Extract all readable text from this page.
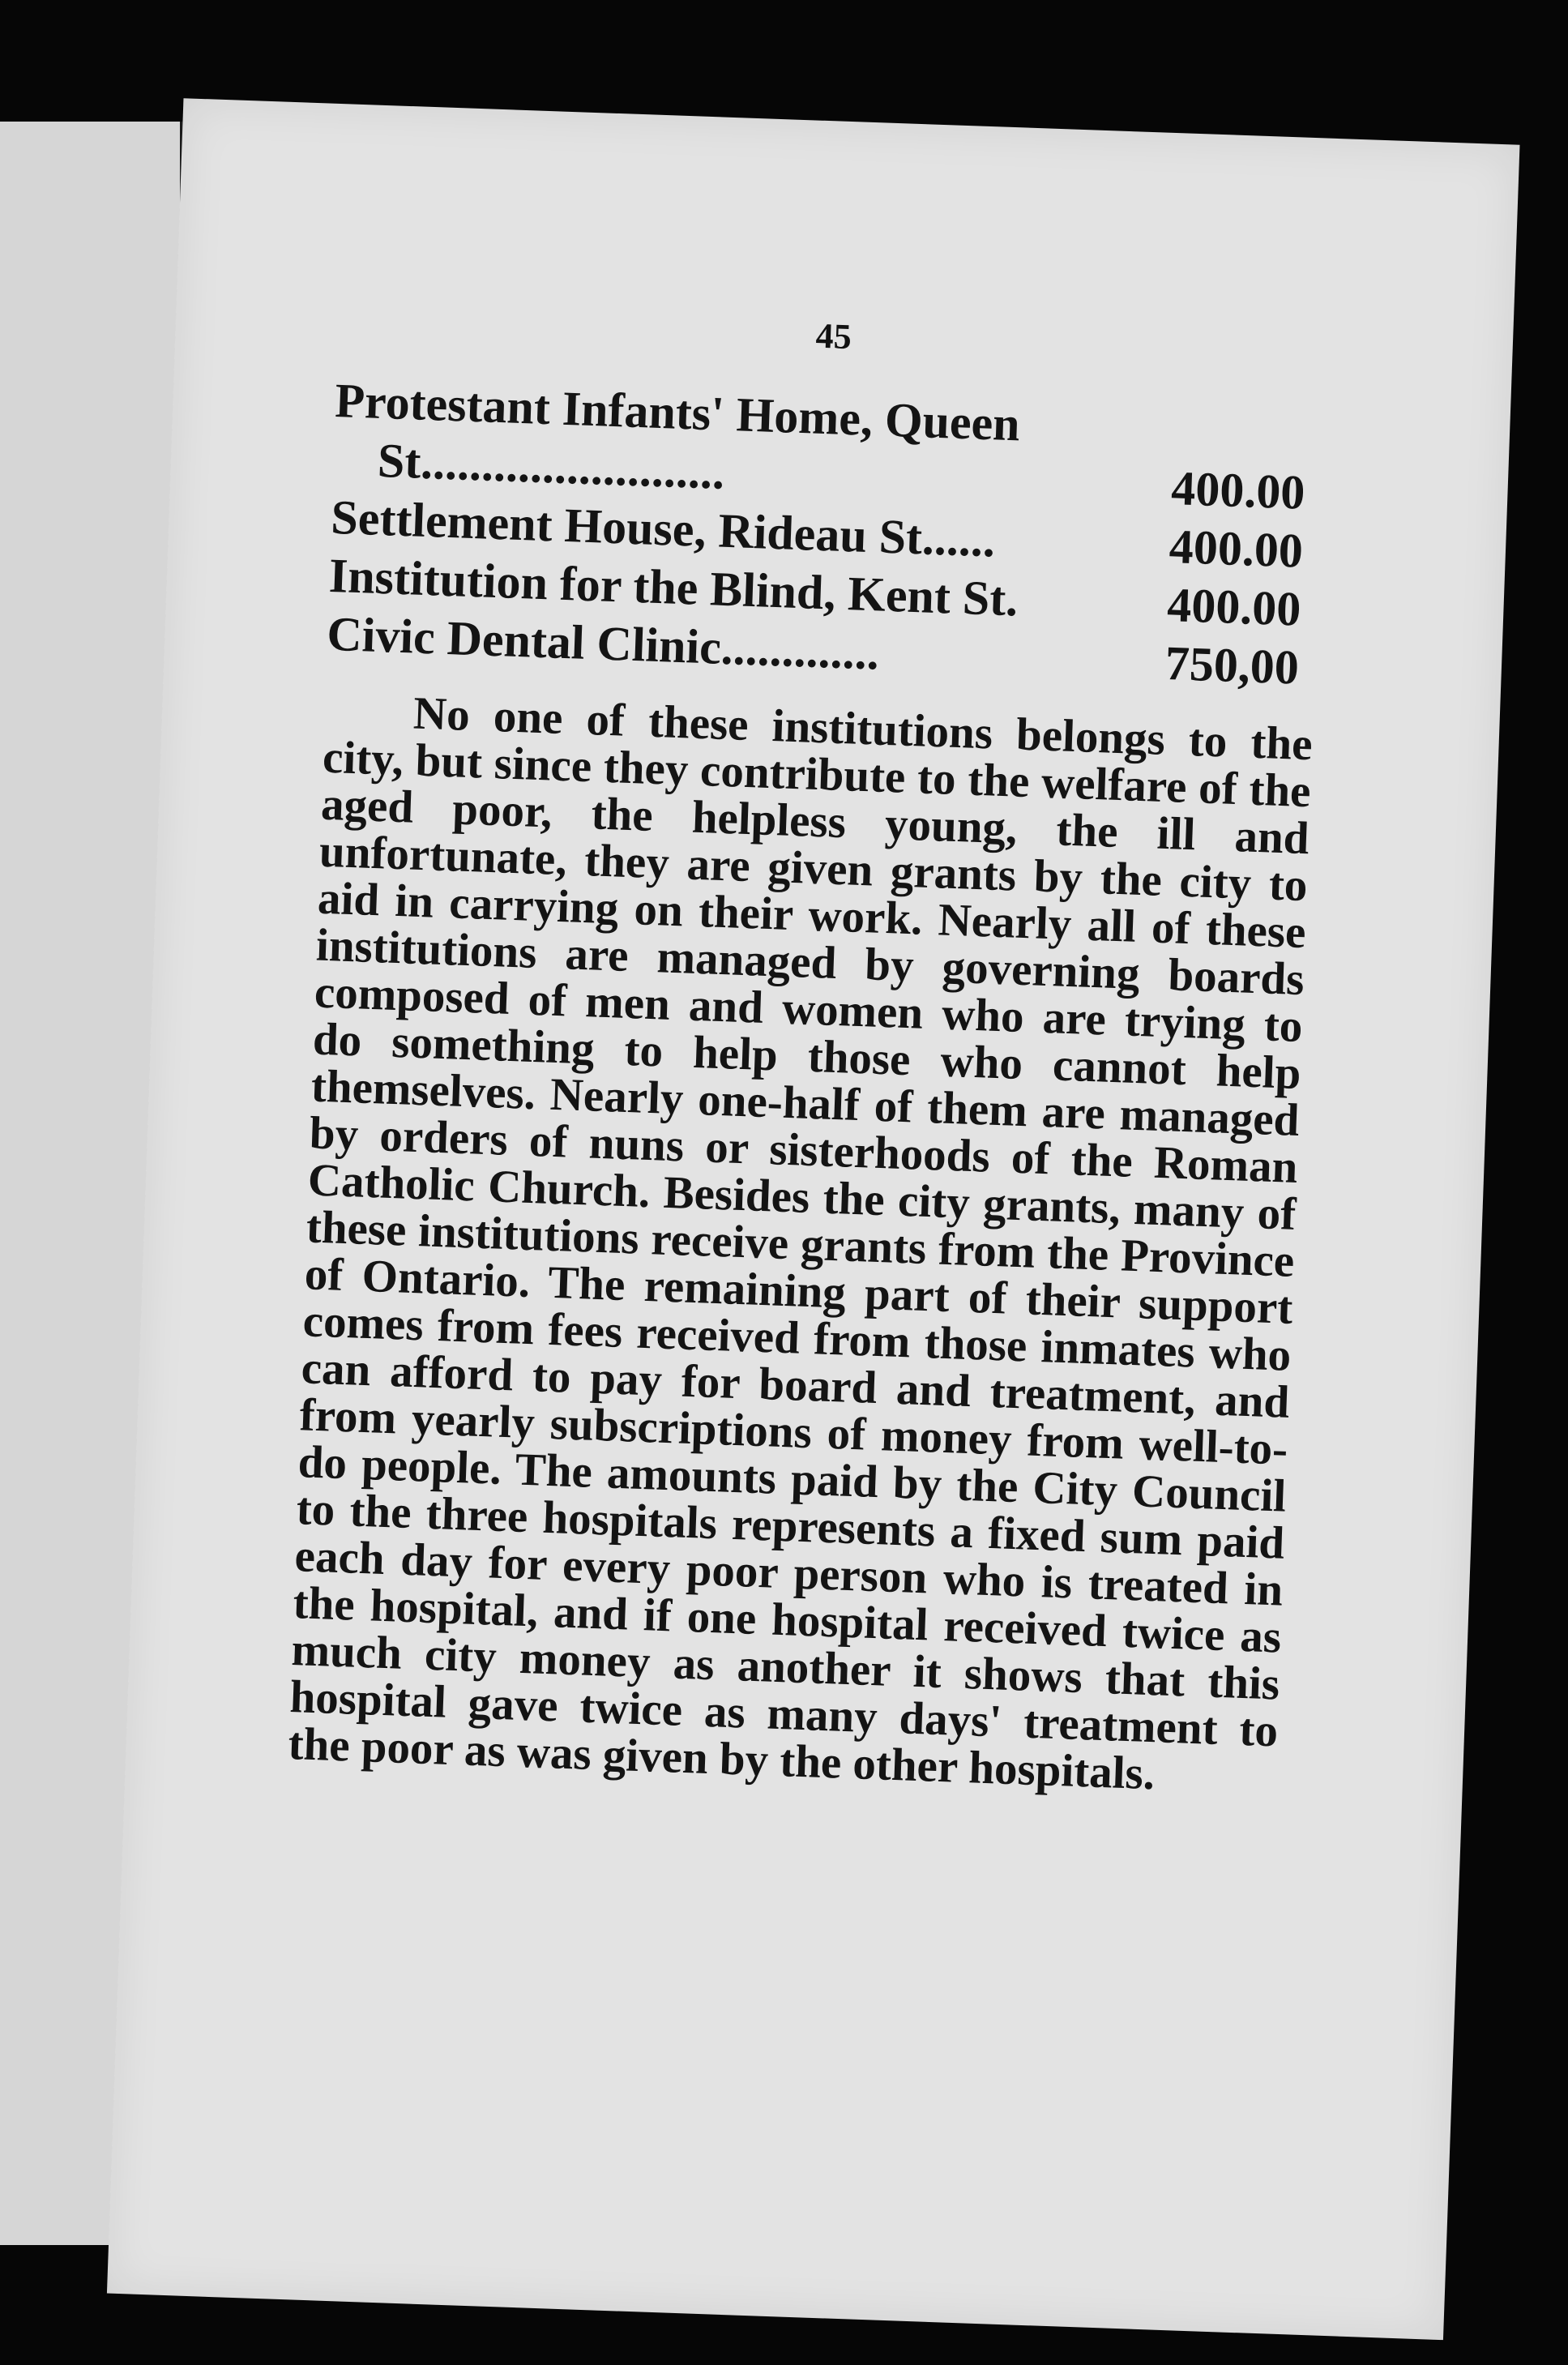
45
Protestant Infants' Home, Queen
St.........................	400.00
Settlement House, Rideau St......	400.00
Institution for the Blind, Kent St.	400.00
Civic Dental Clinic.............	750,00

No one of these institutions belongs to the city, but since they contribute to the welfare of the aged poor, the helpless young, the ill and unfortunate, they are given grants by the city to aid in carrying on their work. Nearly all of these institutions are managed by governing boards composed of men and women who are trying to do something to help those who cannot help themselves. Nearly one-half of them are managed by orders of nuns or sisterhoods of the Roman Catholic Church. Besides the city grants, many of these institutions receive grants from the Province of Ontario. The remaining part of their support comes from fees received from those inmates who can afford to pay for board and treatment, and from yearly subscriptions of money from well-to-do people. The amounts paid by the City Council to the three hospitals represents a fixed sum paid each day for every poor person who is treated in the hospital, and if one hospital received twice as much city money as another it shows that this hospital gave twice as many days' treatment to the poor as was given by the other hospitals.
